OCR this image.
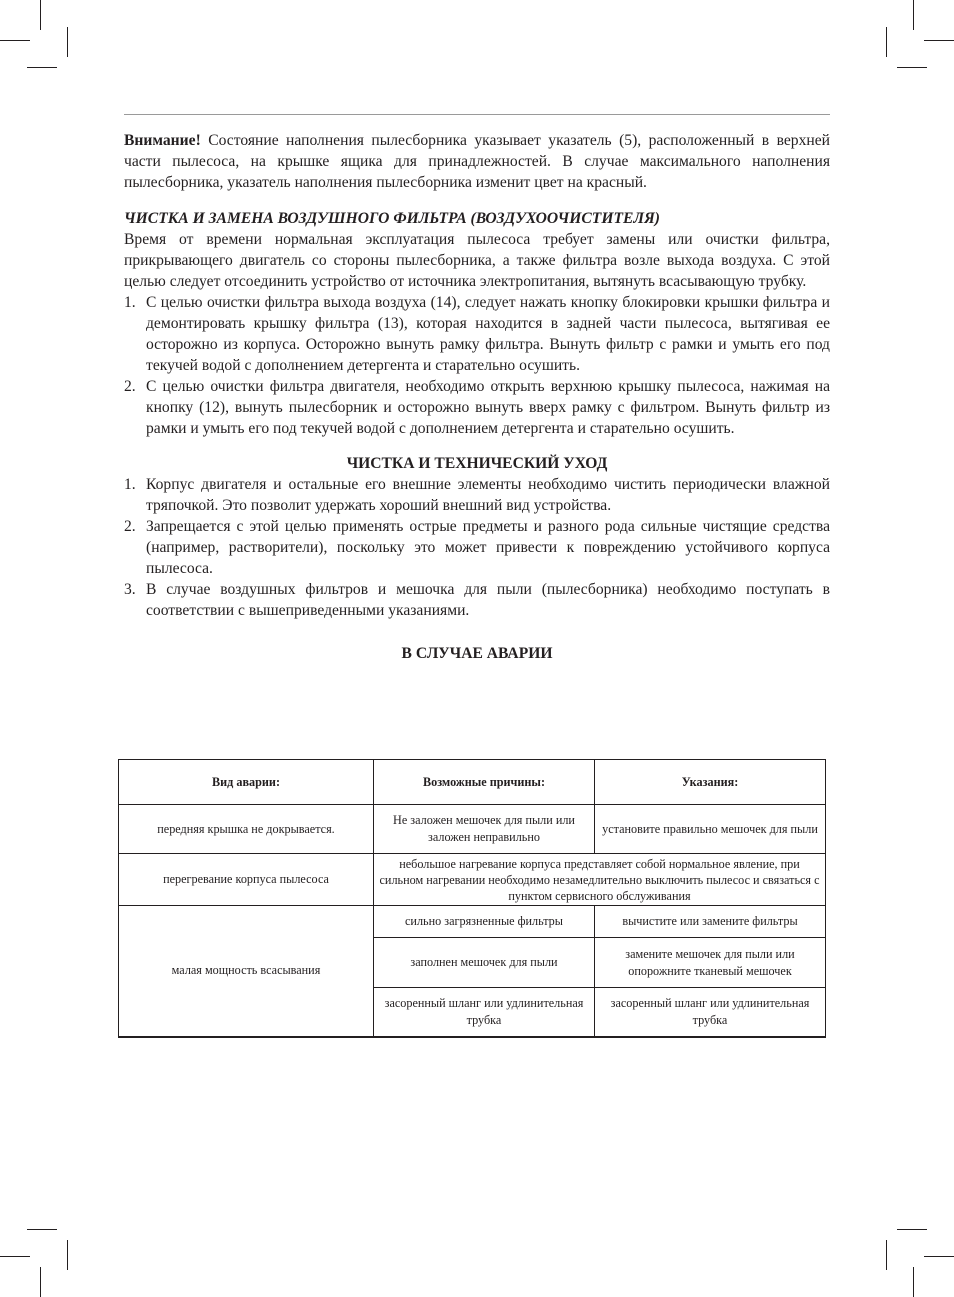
Внимание! Состояние наполнения пылесборника указывает указатель (5), расположенный в верхней части пылесоса, на крышке ящика для принадлежностей. В случае максимального наполнения пылесборника, указатель наполнения пылесборника изменит цвет на красный.

ЧИСТКА И ЗАМЕНА ВОЗДУШНОГО ФИЛЬТРА (ВОЗДУХООЧИСТИТЕЛЯ)

Время от времени нормальная эксплуатация пылесоса требует замены или очистки фильтра, прикрывающего двигатель со стороны пылесборника, а также фильтра возле выхода воздуха. С этой целью следует отсоединить устройство от источника электропитания, вытянуть всасывающую трубку.

1. С целью очистки фильтра выхода воздуха (14), следует нажать кнопку блокировки крышки фильтра и демонтировать крышку фильтра (13), которая находится в задней части пылесоса, вытягивая ее осторожно из корпуса. Осторожно вынуть рамку фильтра. Вынуть фильтр с рамки и умыть его под текучей водой с дополнением детергента и старательно осушить.
2. С целью очистки фильтра двигателя, необходимо открыть верхнюю крышку пылесоса, нажимая на кнопку (12), вынуть пылесборник и осторожно вынуть вверх рамку с фильтром. Вынуть фильтр из рамки и умыть его под текучей водой с дополнением детергента и старательно осушить.
ЧИСТКА И ТЕХНИЧЕСКИЙ УХОД
1. Корпус двигателя и остальные его внешние элементы необходимо чистить периодически влажной тряпочкой. Это позволит удержать хороший внешний вид устройства.
2. Запрещается с этой целью применять острые предметы и разного рода сильные чистящие средства (например, растворители), поскольку это может привести к повреждению устойчивого корпуса пылесоса.
3. В случае воздушных фильтров и мешочка для пыли (пылесборника) необходимо поступать в соответствии с вышеприведенными указаниями.
В СЛУЧАЕ АВАРИИ
Вид аварии:	Возможные причины:	Указания:
передняя крышка не докрывается.	Не заложен мешочек для пыли или заложен неправильно	установите правильно мешочек для пыли
перегревание корпуса пылесоса	небольшое нагревание корпуса представляет собой нормальное явление, при сильном нагревании необходимо незамедлительно выключить пылесос и связаться с пунктом сервисного обслуживания	
малая мощность всасывания	сильно загрязненные фильтры	вычистите или замените фильтры
	заполнен мешочек для пыли	замените мешочек для пыли или опорожните тканевый мешочек
	засоренный шланг или удлинительная трубка	засоренный шланг или удлинительная трубка
